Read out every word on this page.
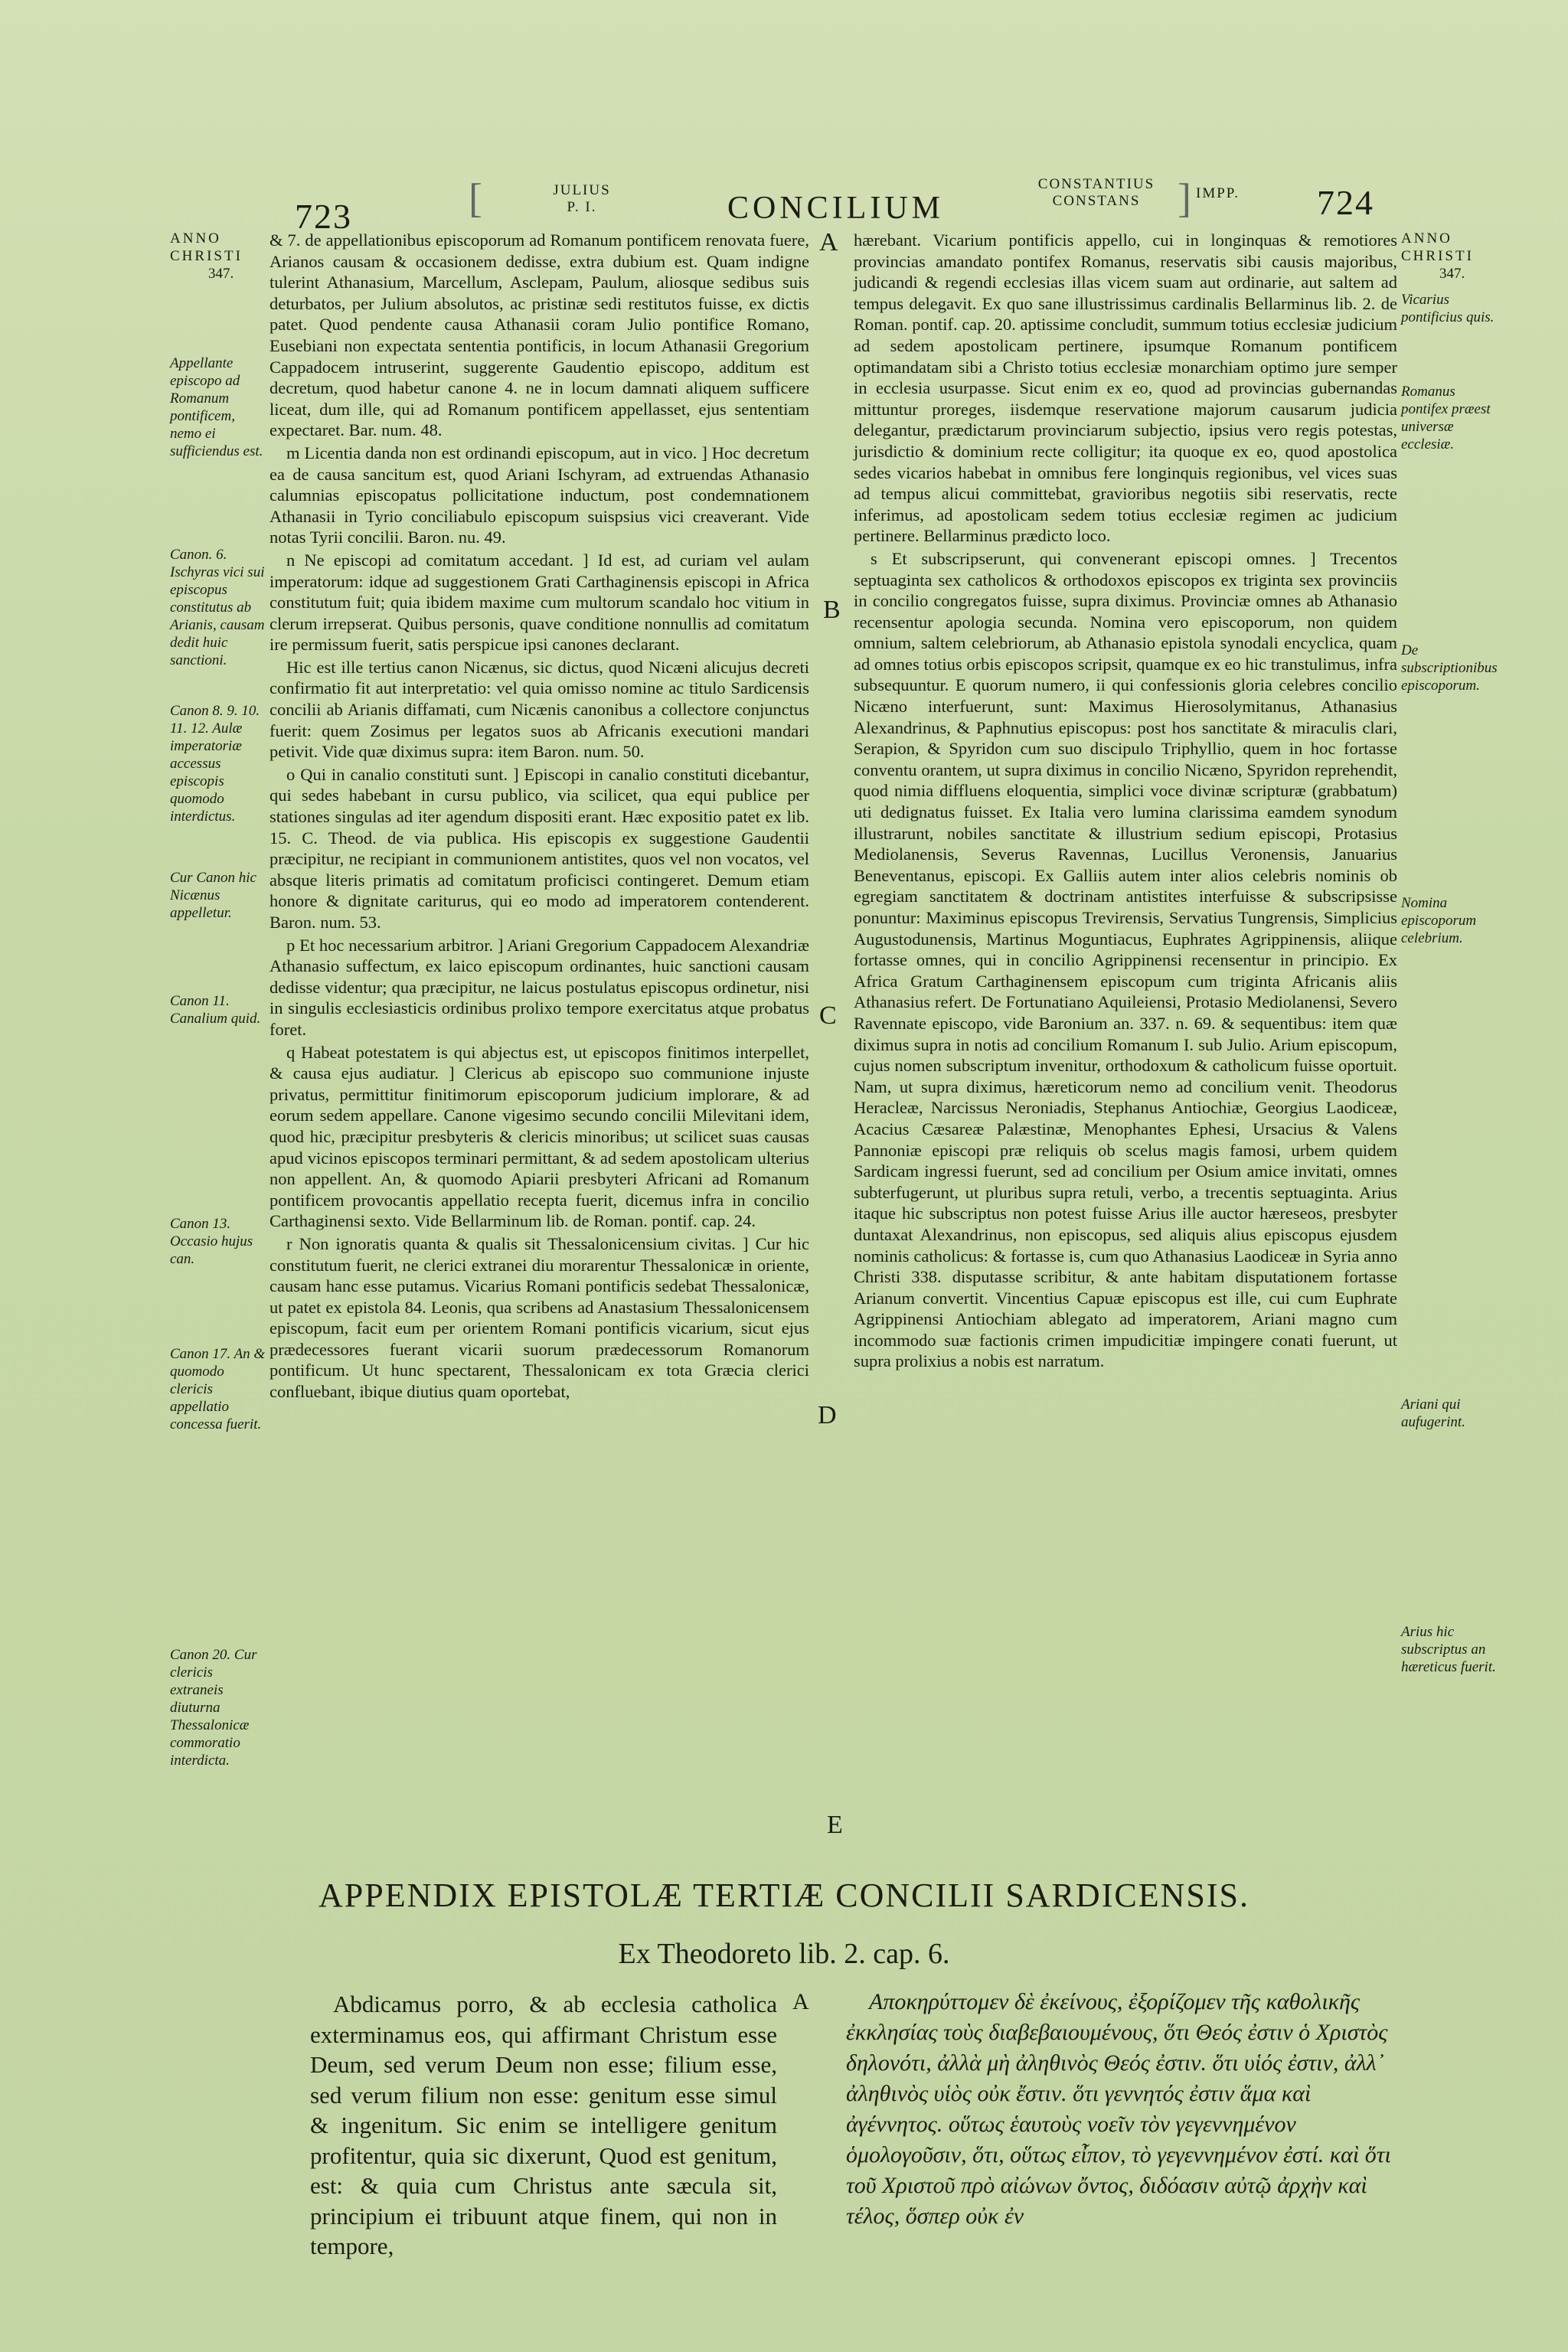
723
JULIUS
P. I.
[	CONCILIUM
CONSTANTIUS
CONSTANS ] IMPP. 724
ANNO
CHRISTI
347.
Appellante episcopo ad Romanum pontificem, nemo ei sufficiendus est.
Canon. 6. Ischyras vici sui episcopus constitutus ab Arianis, causam dedit huic sanctioni.
Canon 8. 9. 10. 11. 12. Aulæ imperatoriæ accessus episcopis quomodo interdictus.
Cur Canon hic Nicænus appelletur.
Canon 11. Canalium quid.
Canon 13. Occasio hujus can.
Canon 17. An & quomodo clericis appellatio concessa fuerit.
Canon 20. Cur clericis extraneis diuturna Thessalonicæ commoratio interdicta.

& 7. de appellationibus episcoporum ad Romanum pontificem renovata fuere, Arianos causam & occasionem dedisse, extra dubium est. Quam indigne tulerint Athanasium, Marcellum, Asclepam, Paulum, aliosque sedibus suis deturbatos, per Julium absolutos, ac pristinæ sedi restitutos fuisse, ex dictis patet. Quod pendente causa Athanasii coram Julio pontifice Romano, Eusebiani non expectata sententia pontificis, in locum Athanasii Gregorium Cappadocem intruserint, suggerente Gaudentio episcopo, additum est decretum, quod habetur canone 4. ne in locum damnati aliquem sufficere liceat, dum ille, qui ad Romanum pontificem appellasset, ejus sententiam expectaret. Bar. num. 48.

m Licentia danda non est ordinandi episcopum, aut in vico. ] Hoc decretum ea de causa sancitum est, quod Ariani Ischyram, ad extruendas Athanasio calumnias episcopatus pollicitatione inductum, post condemnationem Athanasii in Tyrio conciliabulo episcopum suispsius vici creaverant. Vide notas Tyrii concilii. Baron. nu. 49.

n Ne episcopi ad comitatum accedant. ] Id est, ad curiam vel aulam imperatorum: idque ad suggestionem Grati Carthaginensis episcopi in Africa constitutum fuit; quia ibidem maxime cum multorum scandalo hoc vitium in clerum irrepserat. Quibus personis, quave conditione nonnullis ad comitatum ire permissum fuerit, satis perspicue ipsi canones declarant.

Hic est ille tertius canon Nicænus, sic dictus, quod Nicæni alicujus decreti confirmatio fit aut interpretatio: vel quia omisso nomine ac titulo Sardicensis concilii ab Arianis diffamati, cum Nicænis canonibus a collectore conjunctus fuerit: quem Zosimus per legatos suos ab Africanis executioni mandari petivit. Vide quæ diximus supra: item Baron. num. 50.

o Qui in canalio constituti sunt. ] Episcopi in canalio constituti dicebantur, qui sedes habebant in cursu publico, via scilicet, qua equi publice per stationes singulas ad iter agendum dispositi erant. Hæc expositio patet ex lib. 15. C. Theod. de via publica. His episcopis ex suggestione Gaudentii præcipitur, ne recipiant in communionem antistites, quos vel non vocatos, vel absque literis primatis ad comitatum proficisci contingeret. Demum etiam honore & dignitate cariturus, qui eo modo ad imperatorem contenderent. Baron. num. 53.

p Et hoc necessarium arbitror. ] Ariani Gregorium Cappadocem Alexandriæ Athanasio suffectum, ex laico episcopum ordinantes, huic sanctioni causam dedisse videntur; qua præcipitur, ne laicus postulatus episcopus ordinetur, nisi in singulis ecclesiasticis ordinibus prolixo tempore exercitatus atque probatus foret.

q Habeat potestatem is qui abjectus est, ut episcopos finitimos interpellet, & causa ejus audiatur. ] Clericus ab episcopo suo communione injuste privatus, permittitur finitimorum episcoporum judicium implorare, & ad eorum sedem appellare. Canone vigesimo secundo concilii Milevitani idem, quod hic, præcipitur presbyteris & clericis minoribus; ut scilicet suas causas apud vicinos episcopos terminari permittant, & ad sedem apostolicam ulterius non appellent. An, & quomodo Apiarii presbyteri Africani ad Romanum pontificem provocantis appellatio recepta fuerit, dicemus infra in concilio Carthaginensi sexto. Vide Bellarminum lib. de Roman. pontif. cap. 24.

r Non ignoratis quanta & qualis sit Thessalonicensium civitas. ] Cur hic constitutum fuerit, ne clerici extranei diu morarentur Thessalonicæ in oriente, causam hanc esse putamus. Vicarius Romani pontificis sedebat Thessalonicæ, ut patet ex epistola 84. Leonis, qua scribens ad Anastasium Thessalonicensem episcopum, facit eum per orientem Romani pontificis vicarium, sicut ejus prædecessores fuerant vicarii suorum prædecessorum Romanorum pontificum. Ut hunc spectarent, Thessalonicam ex tota Græcia clerici confluebant, ibique diutius quam oportebat,

A
B
C
D
E

hærebant. Vicarium pontificis appello, cui in longinquas & remotiores provincias amandato pontifex Romanus, reservatis sibi causis majoribus, judicandi & regendi ecclesias illas vicem suam aut ordinarie, aut saltem ad tempus delegavit. Ex quo sane illustrissimus cardinalis Bellarminus lib. 2. de Roman. pontif. cap. 20. aptissime concludit, summum totius ecclesiæ judicium ad sedem apostolicam pertinere, ipsumque Romanum pontificem optimandatam sibi a Christo totius ecclesiæ monarchiam optimo jure semper in ecclesia usurpasse. Sicut enim ex eo, quod ad provincias gubernandas mittuntur proreges, iisdemque reservatione majorum causarum judicia delegantur, prædictarum provinciarum subjectio, ipsius vero regis potestas, jurisdictio & dominium recte colligitur; ita quoque ex eo, quod apostolica sedes vicarios habebat in omnibus fere longinquis regionibus, vel vices suas ad tempus alicui committebat, gravioribus negotiis sibi reservatis, recte inferimus, ad apostolicam sedem totius ecclesiæ regimen ac judicium pertinere. Bellarminus prædicto loco.

s Et subscripserunt, qui convenerant episcopi omnes. ] Trecentos septuaginta sex catholicos & orthodoxos episcopos ex triginta sex provinciis in concilio congregatos fuisse, supra diximus. Provinciæ omnes ab Athanasio recensentur apologia secunda. Nomina vero episcoporum, non quidem omnium, saltem celebriorum, ab Athanasio epistola synodali encyclica, quam ad omnes totius orbis episcopos scripsit, quamque ex eo hic transtulimus, infra subsequuntur. E quorum numero, ii qui confessionis gloria celebres concilio Nicæno interfuerunt, sunt: Maximus Hierosolymitanus, Athanasius Alexandrinus, & Paphnutius episcopus: post hos sanctitate & miraculis clari, Serapion, & Spyridon cum suo discipulo Triphyllio, quem in hoc fortasse conventu orantem, ut supra diximus in concilio Nicæno, Spyridon reprehendit, quod nimia diffluens eloquentia, simplici voce divinæ scripturæ (grabbatum) uti dedignatus fuisset. Ex Italia vero lumina clarissima eamdem synodum illustrarunt, nobiles sanctitate & illustrium sedium episcopi, Protasius Mediolanensis, Severus Ravennas, Lucillus Veronensis, Januarius Beneventanus, episcopi. Ex Galliis autem inter alios celebris nominis ob egregiam sanctitatem & doctrinam antistites interfuisse & subscripsisse ponuntur: Maximinus episcopus Trevirensis, Servatius Tungrensis, Simplicius Augustodunensis, Martinus Moguntiacus, Euphrates Agrippinensis, aliique fortasse omnes, qui in concilio Agrippinensi recensentur in principio. Ex Africa Gratum Carthaginensem episcopum cum triginta Africanis aliis Athanasius refert. De Fortunatiano Aquileiensi, Protasio Mediolanensi, Severo Ravennate episcopo, vide Baronium an. 337. n. 69. & sequentibus: item quæ diximus supra in notis ad concilium Romanum I. sub Julio. Arium episcopum, cujus nomen subscriptum invenitur, orthodoxum & catholicum fuisse oportuit. Nam, ut supra diximus, hæreticorum nemo ad concilium venit. Theodorus Heracleæ, Narcissus Neroniadis, Stephanus Antiochiæ, Georgius Laodiceæ, Acacius Cæsareæ Palæstinæ, Menophantes Ephesi, Ursacius & Valens Pannoniæ episcopi præ reliquis ob scelus magis famosi, urbem quidem Sardicam ingressi fuerunt, sed ad concilium per Osium amice invitati, omnes subterfugerunt, ut pluribus supra retuli, verbo, a trecentis septuaginta. Arius itaque hic subscriptus non potest fuisse Arius ille auctor hæreseos, presbyter duntaxat Alexandrinus, non episcopus, sed aliquis alius episcopus ejusdem nominis catholicus: & fortasse is, cum quo Athanasius Laodiceæ in Syria anno Christi 338. disputasse scribitur, & ante habitam disputationem fortasse Arianum convertit. Vincentius Capuæ episcopus est ille, cui cum Euphrate Agrippinensi Antiochiam ablegato ad imperatorem, Ariani magno cum incommodo suæ factionis crimen impudicitiæ impingere conati fuerunt, ut supra prolixius a nobis est narratum.

ANNO
CHRISTI
347.
Vicarius pontificius quis.
Romanus pontifex præest universæ ecclesiæ.
De subscriptionibus episcoporum.
Nomina episcoporum celebrium.
Ariani qui aufugerint.
Arius hic subscriptus an hæreticus fuerit.
APPENDIX EPISTOLÆ TERTIÆ CONCILII SARDICENSIS.
Ex Theodoreto lib. 2. cap. 6.
A

Abdicamus porro, & ab ecclesia catholica exterminamus eos, qui affirmant Christum esse Deum, sed verum Deum non esse; filium esse, sed verum filium non esse: genitum esse simul & ingenitum. Sic enim se intelligere genitum profitentur, quia sic dixerunt, Quod est genitum, est: & quia cum Christus ante sæcula sit, principium ei tribuunt atque finem, qui non in tempore,

Αποκηρύττομεν δὲ ἐκείνους, ἐξορίζομεν τῆς καθολικῆς ἐκκλησίας τοὺς διαβεβαιουμένους, ὅτι Θεός ἐστιν ὁ Χριστὸς δηλονότι, ἀλλὰ μὴ ἀληθινὸς Θεός ἐστιν. ὅτι υἱός ἐστιν, ἀλλ᾽ ἀληθινὸς υἱὸς οὐκ ἔστιν. ὅτι γεννητός ἐστιν ἅμα καὶ ἀγέννητος. οὕτως ἑαυτοὺς νοεῖν τὸν γεγεννημένον ὁμολογοῦσιν, ὅτι, οὕτως εἶπον, τὸ γεγεννημένον ἐστί. καὶ ὅτι τοῦ Χριστοῦ πρὸ αἰώνων ὄντος, διδόασιν αὐτῷ ἀρχὴν καὶ τέλος, ὅσπερ οὐκ ἐν
